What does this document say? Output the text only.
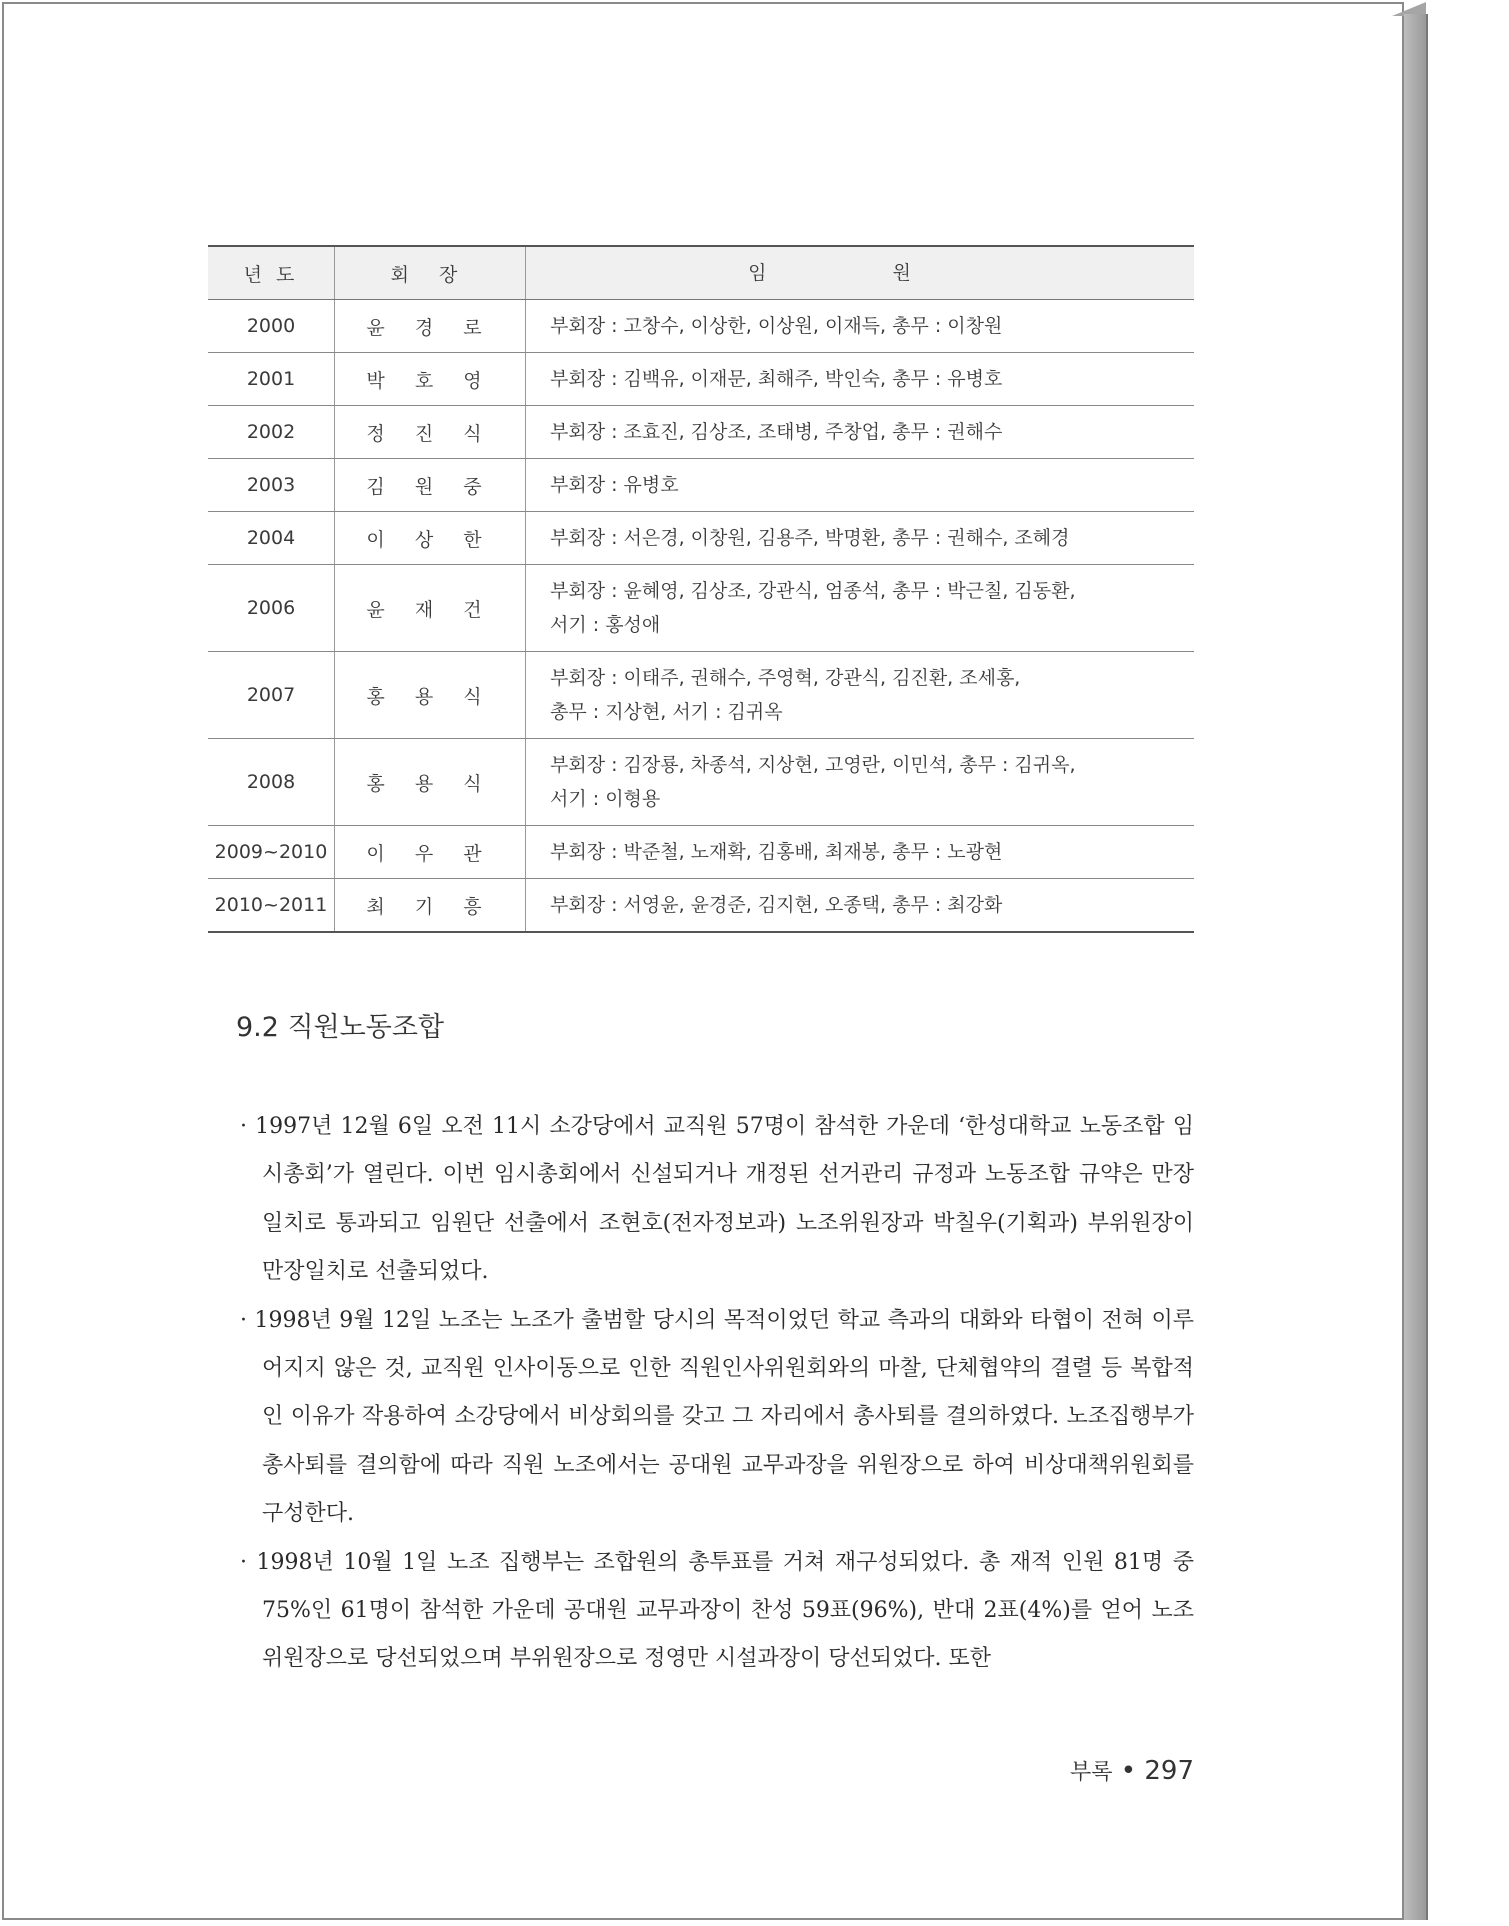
년 도	회 장	임 원
2000	윤 경 로	부회장 : 고창수, 이상한, 이상원, 이재득, 총무 : 이창원
2001	박 호 영	부회장 : 김백유, 이재문, 최해주, 박인숙, 총무 : 유병호
2002	정 진 식	부회장 : 조효진, 김상조, 조태병, 주창업, 총무 : 권해수
2003	김 원 중	부회장 : 유병호
2004	이 상 한	부회장 : 서은경, 이창원, 김용주, 박명환, 총무 : 권해수, 조혜경
2006	윤 재 건	부회장 : 윤혜영, 김상조, 강관식, 엄종석, 총무 : 박근칠, 김동환,
서기 : 홍성애

2007	홍 용 식	부회장 : 이태주, 권해수, 주영혁, 강관식, 김진환, 조세홍,
총무 : 지상현, 서기 : 김귀옥

2008	홍 용 식	부회장 : 김장룡, 차종석, 지상현, 고영란, 이민석, 총무 : 김귀옥,
서기 : 이형용

2009~2010	이 우 관	부회장 : 박준철, 노재확, 김홍배, 최재봉, 총무 : 노광현
2010~2011	최 기 흥	부회장 : 서영윤, 윤경준, 김지현, 오종택, 총무 : 최강화
9.2 직원노동조합

· 1997년 12월 6일 오전 11시 소강당에서 교직원 57명이 참석한 가운데 ‘한성대학교 노동조합 임시총회’가 열린다. 이번 임시총회에서 신설되거나 개정된 선거관리 규정과 노동조합 규약은 만장일치로 통과되고 임원단 선출에서 조현호(전자정보과) 노조위원장과 박칠우(기획과) 부위원장이 만장일치로 선출되었다.

· 1998년 9월 12일 노조는 노조가 출범할 당시의 목적이었던 학교 측과의 대화와 타협이 전혀 이루어지지 않은 것, 교직원 인사이동으로 인한 직원인사위원회와의 마찰, 단체협약의 결렬 등 복합적인 이유가 작용하여 소강당에서 비상회의를 갖고 그 자리에서 총사퇴를 결의하였다. 노조집행부가 총사퇴를 결의함에 따라 직원 노조에서는 공대원 교무과장을 위원장으로 하여 비상대책위원회를 구성한다.

· 1998년 10월 1일 노조 집행부는 조합원의 총투표를 거쳐 재구성되었다. 총 재적 인원 81명 중 75%인 61명이 참석한 가운데 공대원 교무과장이 찬성 59표(96%), 반대 2표(4%)를 얻어 노조위원장으로 당선되었으며 부위원장으로 정영만 시설과장이 당선되었다. 또한

부록 • 297
